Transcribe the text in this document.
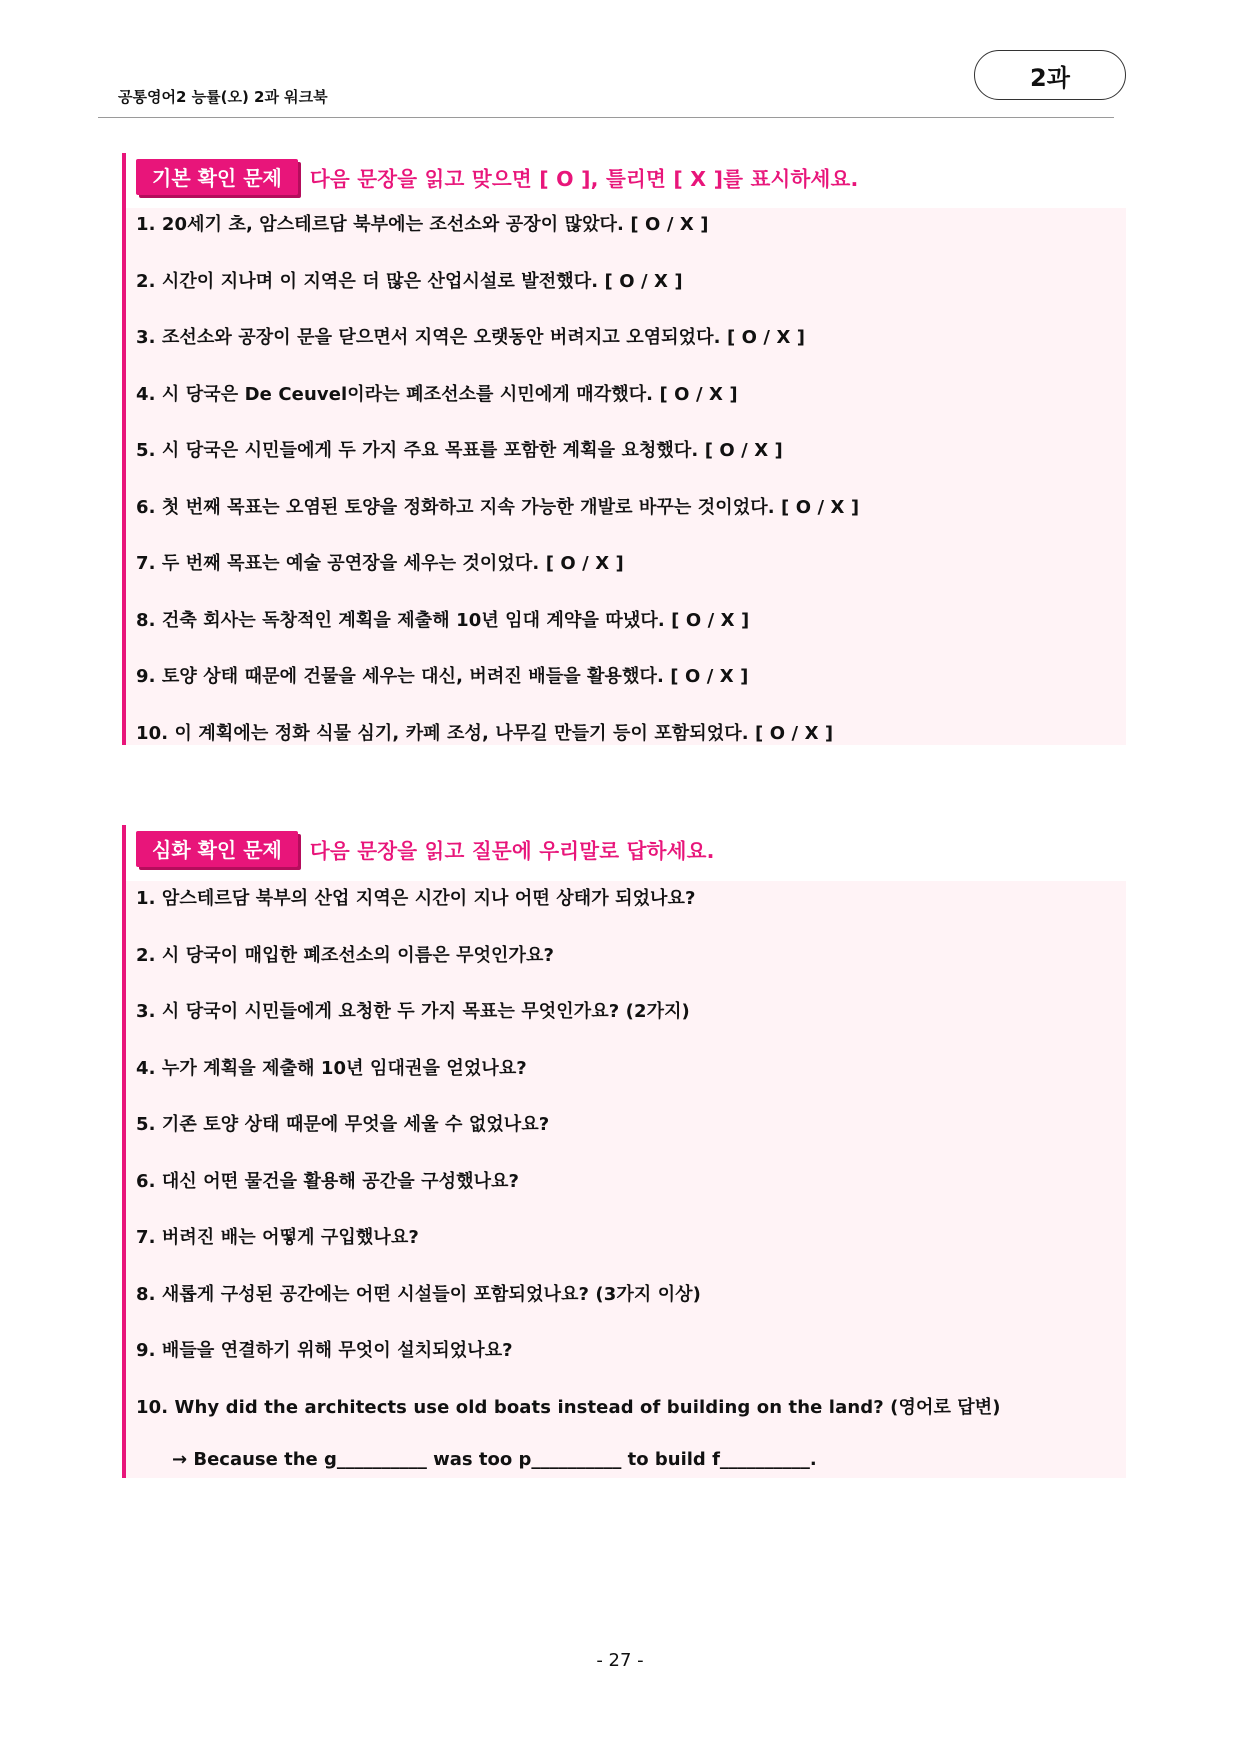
공통영어2 능률(오) 2과 워크북
2과
기본 확인 문제	다음 문장을 읽고 맞으면 [ O ], 틀리면 [ X ]를 표시하세요.
1. 20세기 초, 암스테르담 북부에는 조선소와 공장이 많았다. [ O / X ]
2. 시간이 지나며 이 지역은 더 많은 산업시설로 발전했다. [ O / X ]
3. 조선소와 공장이 문을 닫으면서 지역은 오랫동안 버려지고 오염되었다. [ O / X ]
4. 시 당국은 De Ceuvel이라는 폐조선소를 시민에게 매각했다. [ O / X ]
5. 시 당국은 시민들에게 두 가지 주요 목표를 포함한 계획을 요청했다. [ O / X ]
6. 첫 번째 목표는 오염된 토양을 정화하고 지속 가능한 개발로 바꾸는 것이었다. [ O / X ]
7. 두 번째 목표는 예술 공연장을 세우는 것이었다. [ O / X ]
8. 건축 회사는 독창적인 계획을 제출해 10년 임대 계약을 따냈다. [ O / X ]
9. 토양 상태 때문에 건물을 세우는 대신, 버려진 배들을 활용했다. [ O / X ]
10. 이 계획에는 정화 식물 심기, 카페 조성, 나무길 만들기 등이 포함되었다. [ O / X ]
심화 확인 문제	다음 문장을 읽고 질문에 우리말로 답하세요.
1. 암스테르담 북부의 산업 지역은 시간이 지나 어떤 상태가 되었나요?
2. 시 당국이 매입한 폐조선소의 이름은 무엇인가요?
3. 시 당국이 시민들에게 요청한 두 가지 목표는 무엇인가요? (2가지)
4. 누가 계획을 제출해 10년 임대권을 얻었나요?
5. 기존 토양 상태 때문에 무엇을 세울 수 없었나요?
6. 대신 어떤 물건을 활용해 공간을 구성했나요?
7. 버려진 배는 어떻게 구입했나요?
8. 새롭게 구성된 공간에는 어떤 시설들이 포함되었나요? (3가지 이상)
9. 배들을 연결하기 위해 무엇이 설치되었나요?
10. Why did the architects use old boats instead of building on the land? (영어로 답변)
→ Because the g__________ was too p__________ to build f__________.
- 27 -
